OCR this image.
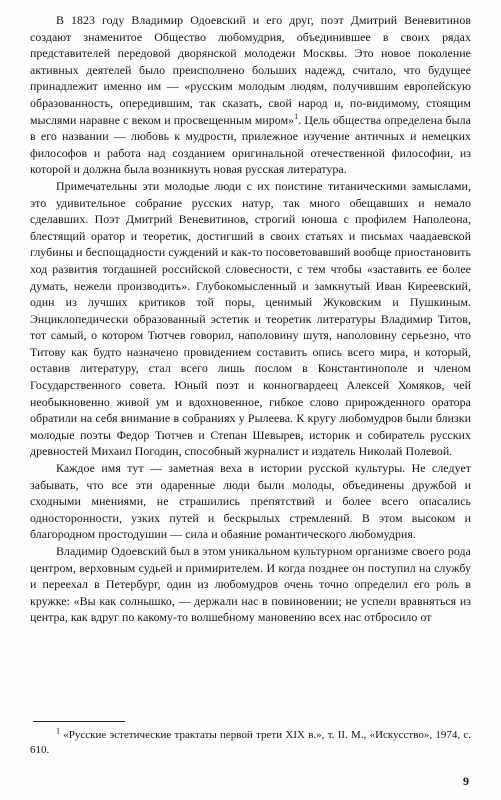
В 1823 году Владимир Одоевский и его друг, поэт Дмитрий Веневитинов создают знаменитое Общество любомудрия, объединившее в своих рядах представителей передовой дворянской молодежи Москвы. Это новое поколение активных деятелей было преисполнено больших надежд, считало, что будущее принадлежит именно им — «русским молодым людям, получившим европейскую образованность, опередившим, так сказать, свой народ и, по-видимому, стоящим мыслями наравне с веком и просвещенным миром»$^1$. Цель общества определена была в его названии — любовь к мудрости, прилежное изучение античных и немецких философов и работа над созданием оригинальной отечественной философии, из которой и должна была возникнуть новая русская литература.

Примечательны эти молодые люди с их поистине титаническими замыслами, это удивительное собрание русских натур, так много обещавших и немало сделавших. Поэт Дмитрий Веневитинов, строгий юноша с профилем Наполеона, блестящий оратор и теоретик, достигший в своих статьях и письмах чаадаевской глубины и беспощадности суждений и как-то посоветовавший вообще приостановить ход развития тогдашней российской словесности, с тем чтобы «заставить ее более думать, нежели производить». Глубокомысленный и замкнутый Иван Киреевский, один из лучших критиков той поры, ценимый Жуковским и Пушкиным. Энциклопедически образованный эстетик и теоретик литературы Владимир Титов, тот самый, о котором Тютчев говорил, наполовину шутя, наполовину серьезно, что Титову как будто назначено провидением составить опись всего мира, и который, оставив литературу, стал всего лишь послом в Константинополе и членом Государственного совета. Юный поэт и конногвардеец Алексей Хомяков, чей необыкновенно живой ум и вдохновенное, гибкое слово прирожденного оратора обратили на себя внимание в собраниях у Рылеева. К кругу любомудров были близки молодые поэты Федор Тютчев и Степан Шевырев, историк и собиратель русских древностей Михаил Погодин, способный журналист и издатель Николай Полевой.

Каждое имя тут — заметная веха в истории русской культуры. Не следует забывать, что все эти одаренные люди были молоды, объединены дружбой и сходными мнениями, не страшились препятствий и более всего опасались односторонности, узких путей и бескрылых стремлений. В этом высоком и благородном простодушии — сила и обаяние романтического любомудрия.

Владимир Одоевский был в этом уникальном культурном организме своего рода центром, верховным судьей и примирителем. И когда позднее он поступил на службу и переехал в Петербург, один из любомудров очень точно определил его роль в кружке: «Вы как солнышко, — держали нас в повиновении; не успели вравняться из центра, как вдруг по какому-то волшебному мановению всех нас отбросило от

$^1$ «Русские эстетические трактаты первой трети XIX в.», т. II. М., «Искусство», 1974, с. 610.

9
